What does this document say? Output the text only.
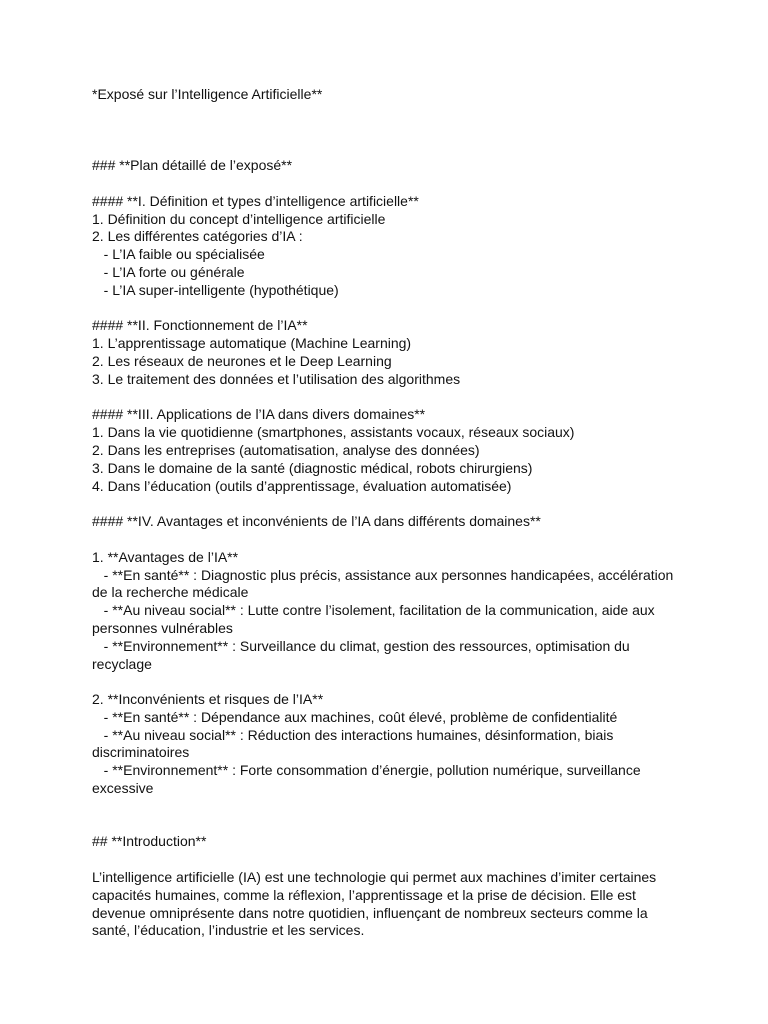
*Exposé sur l’Intelligence Artificielle**
### **Plan détaillé de l’exposé**
#### **I. Définition et types d’intelligence artificielle**
1. Définition du concept d’intelligence artificielle
2. Les différentes catégories d’IA :
- L’IA faible ou spécialisée
- L’IA forte ou générale
- L’IA super-intelligente (hypothétique)
#### **II. Fonctionnement de l’IA**
1. L’apprentissage automatique (Machine Learning)
2. Les réseaux de neurones et le Deep Learning
3. Le traitement des données et l’utilisation des algorithmes
#### **III. Applications de l’IA dans divers domaines**
1. Dans la vie quotidienne (smartphones, assistants vocaux, réseaux sociaux)
2. Dans les entreprises (automatisation, analyse des données)
3. Dans le domaine de la santé (diagnostic médical, robots chirurgiens)
4. Dans l’éducation (outils d’apprentissage, évaluation automatisée)
#### **IV. Avantages et inconvénients de l’IA dans différents domaines**
1. **Avantages de l’IA**
- **En santé** : Diagnostic plus précis, assistance aux personnes handicapées, accélération de la recherche médicale
- **Au niveau social** : Lutte contre l’isolement, facilitation de la communication, aide aux personnes vulnérables
- **Environnement** : Surveillance du climat, gestion des ressources, optimisation du recyclage
2. **Inconvénients et risques de l’IA**
- **En santé** : Dépendance aux machines, coût élevé, problème de confidentialité
- **Au niveau social** : Réduction des interactions humaines, désinformation, biais discriminatoires
- **Environnement** : Forte consommation d’énergie, pollution numérique, surveillance excessive
## **Introduction**
L’intelligence artificielle (IA) est une technologie qui permet aux machines d’imiter certaines capacités humaines, comme la réflexion, l’apprentissage et la prise de décision. Elle est devenue omniprésente dans notre quotidien, influençant de nombreux secteurs comme la santé, l’éducation, l’industrie et les services.
